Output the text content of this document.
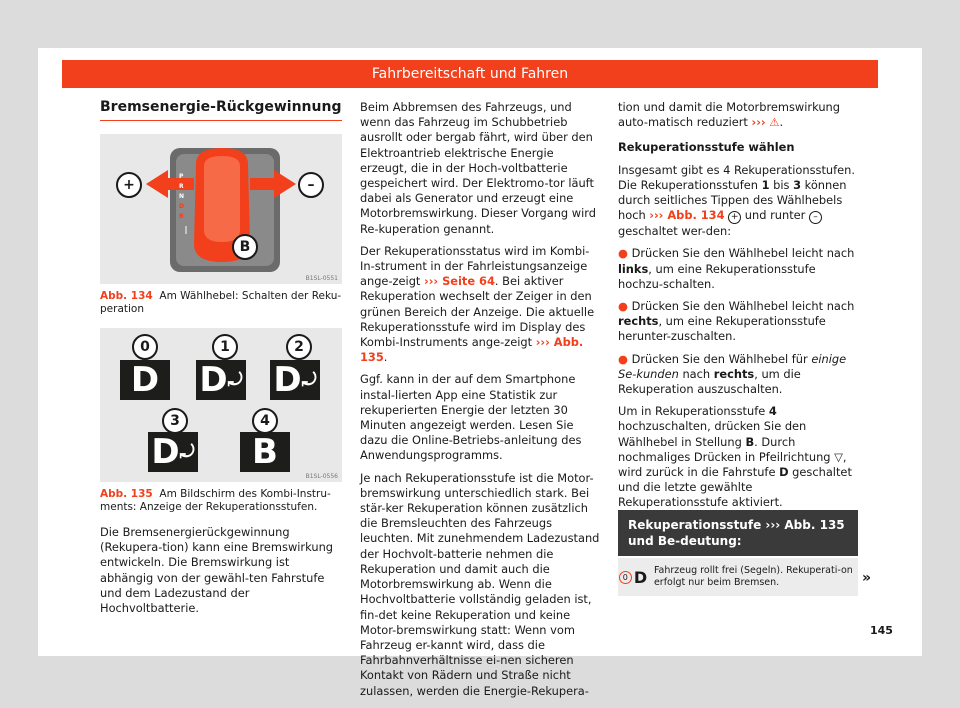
Fahrbereitschaft und Fahren

Bremsenergie-Rückgewinnung

+	–
B
P
R
N
D
B
B1SL-0551
Abb. 134 Am Wählhebel: Schalten der Reku-peration
0	1	2
D D ⤾ D ⤾
3	4
D ⤾ B
B1SL-0556
Abb. 135 Am Bildschirm des Kombi-Instru-ments: Anzeige der Rekuperationsstufen.

Die Bremsenergierückgewinnung (Rekupera-tion) kann eine Bremswirkung entwickeln. Die Bremswirkung ist abhängig von der gewähl-ten Fahrstufe und dem Ladezustand der Hochvoltbatterie.

Beim Abbremsen des Fahrzeugs, und wenn das Fahrzeug im Schubbetrieb ausrollt oder bergab fährt, wird über den Elektroantrieb elektrische Energie erzeugt, die in der Hoch-voltbatterie gespeichert wird. Der Elektromo-tor läuft dabei als Generator und erzeugt eine Motorbremswirkung. Dieser Vorgang wird Re-kuperation genannt.

Der Rekuperationsstatus wird im Kombi-In-strument in der Fahrleistungsanzeige ange-zeigt ››› Seite 64. Bei aktiver Rekuperation wechselt der Zeiger in den grünen Bereich der Anzeige. Die aktuelle Rekuperationsstufe wird im Display des Kombi-Instruments ange-zeigt ››› Abb. 135.

Ggf. kann in der auf dem Smartphone instal-lierten App eine Statistik zur rekuperierten Energie der letzten 30 Minuten angezeigt werden. Lesen Sie dazu die Online-Betriebs-anleitung des Anwendungsprogramms.

Je nach Rekuperationsstufe ist die Motor-bremswirkung unterschiedlich stark. Bei stär-ker Rekuperation können zusätzlich die Bremsleuchten des Fahrzeugs leuchten. Mit zunehmendem Ladezustand der Hochvolt-batterie nehmen die Rekuperation und damit auch die Motorbremswirkung ab. Wenn die Hochvoltbatterie vollständig geladen ist, fin-det keine Rekuperation und keine Motor-bremswirkung statt: Wenn vom Fahrzeug er-kannt wird, dass die Fahrbahnverhältnisse ei-nen sicheren Kontakt von Rädern und Straße nicht zulassen, werden die Energie-Rekupera-

tion und damit die Motorbremswirkung auto-matisch reduziert ››› ⚠.

Rekuperationsstufe wählen

Insgesamt gibt es 4 Rekuperationsstufen. Die Rekuperationsstufen 1 bis 3 können durch seitliches Tippen des Wählhebels hoch ››› Abb. 134 + und runter – geschaltet wer-den:

● Drücken Sie den Wählhebel leicht nach links, um eine Rekuperationsstufe hochzu-schalten.

● Drücken Sie den Wählhebel leicht nach rechts, um eine Rekuperationsstufe herunter-zuschalten.

● Drücken Sie den Wählhebel für einige Se-kunden nach rechts, um die Rekuperation auszuschalten.

Um in Rekuperationsstufe 4 hochzuschalten, drücken Sie den Wählhebel in Stellung B. Durch nochmaliges Drücken in Pfeilrichtung ▽, wird zurück in die Fahrstufe D geschaltet und die letzte gewählte Rekuperationsstufe aktiviert.

Rekuperationsstufe ››› Abb. 135 und Be-deutung:
0 D Fahrzeug rollt frei (Segeln). Rekuperati-on erfolgt nur beim Bremsen.	»
145
